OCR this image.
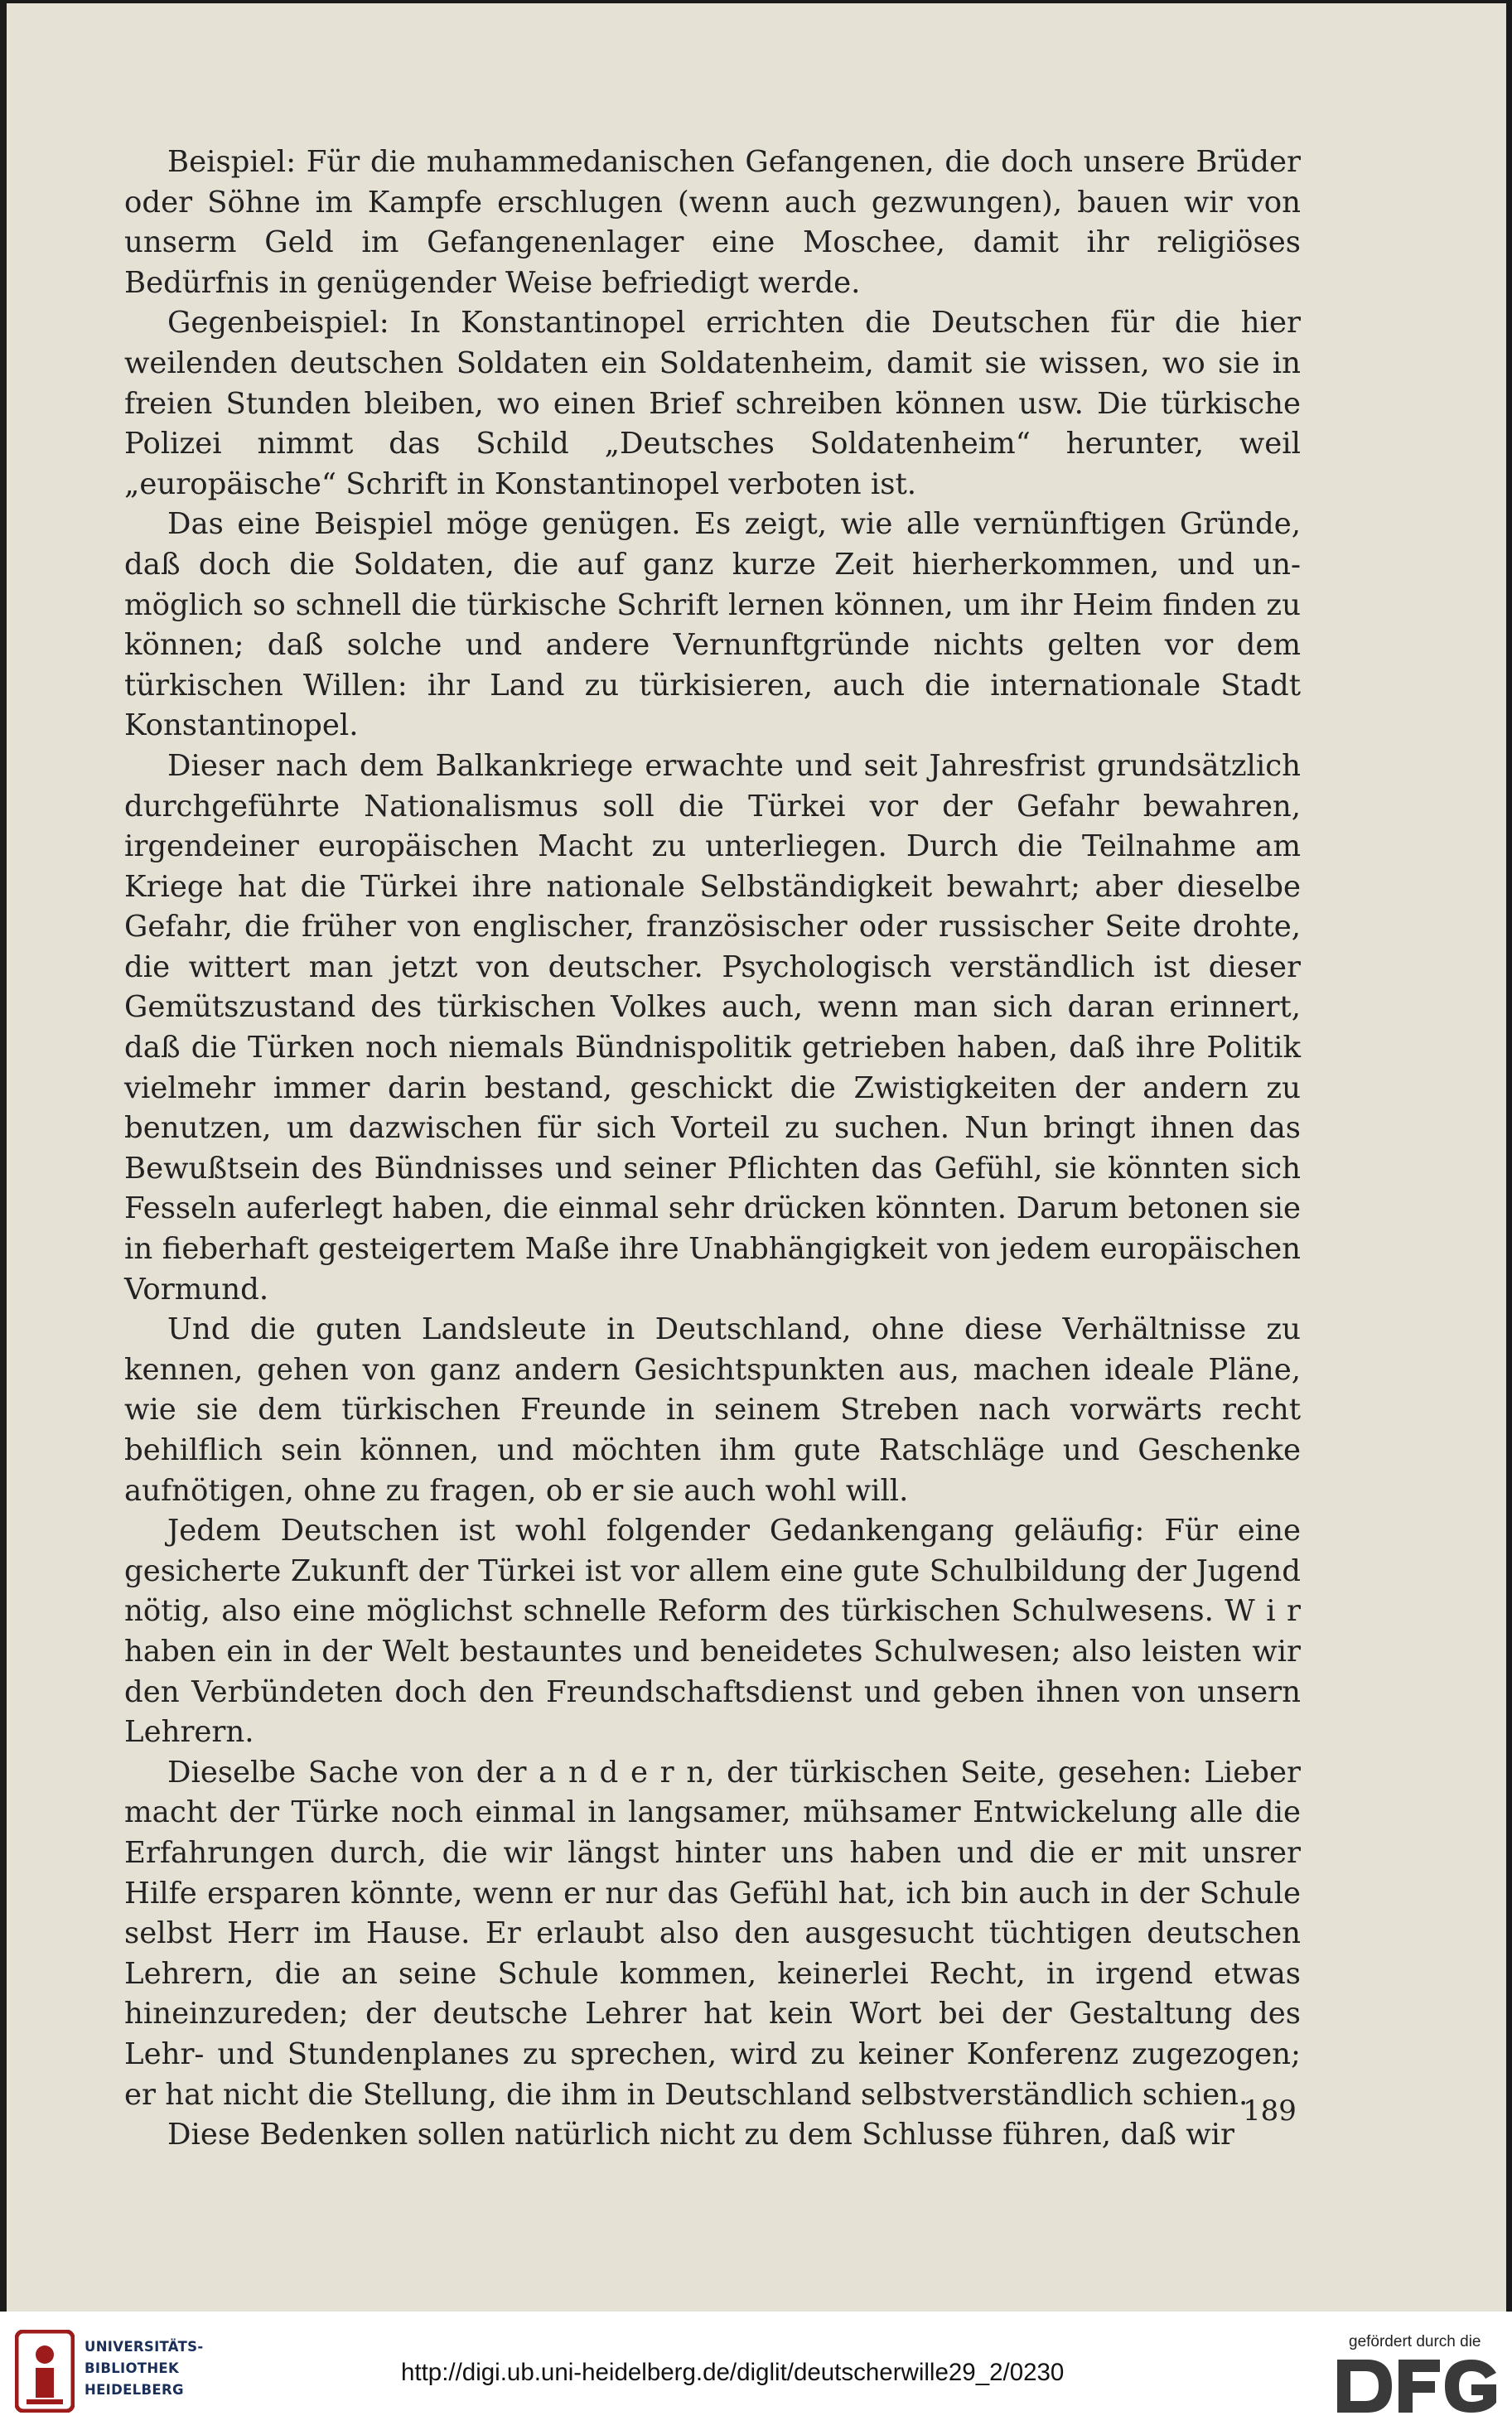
Beispiel: Für die muhammedanischen Gefangenen, die doch unsere Brüder oder Söhne im Kampfe erschlugen (wenn auch gezwungen), bauen wir von unserm Geld im Gefangenenlager eine Moschee, damit ihr religiöses Bedürfnis in genügender Weise befriedigt werde.

Gegenbeispiel: In Konstantinopel errichten die Deutschen für die hier weilenden deutschen Soldaten ein Soldatenheim, damit sie wissen, wo sie in freien Stunden bleiben, wo einen Brief schreiben können usw. Die türkische Polizei nimmt das Schild „Deutsches Soldatenheim“ herunter, weil „europäische“ Schrift in Konstantinopel verboten ist.

Das eine Beispiel möge genügen. Es zeigt, wie alle vernünftigen Gründe, daß doch die Soldaten, die auf ganz kurze Zeit hierherkommen, und unmöglich so schnell die türkische Schrift lernen können, um ihr Heim finden zu können; daß solche und andere Vernunftgründe nichts gelten vor dem türkischen Willen: ihr Land zu türkisieren, auch die internationale Stadt Konstantinopel.

Dieser nach dem Balkankriege erwachte und seit Jahresfrist grundsätzlich durchgeführte Nationalismus soll die Türkei vor der Gefahr bewahren, irgendeiner europäischen Macht zu unterliegen. Durch die Teilnahme am Kriege hat die Türkei ihre nationale Selbständigkeit bewahrt; aber dieselbe Gefahr, die früher von englischer, französischer oder russischer Seite drohte, die wittert man jetzt von deutscher. Psychologisch verständlich ist dieser Gemütszustand des türkischen Volkes auch, wenn man sich daran erinnert, daß die Türken noch niemals Bündnispolitik getrieben haben, daß ihre Politik vielmehr immer darin bestand, geschickt die Zwistigkeiten der andern zu benutzen, um dazwischen für sich Vorteil zu suchen. Nun bringt ihnen das Bewußtsein des Bündnisses und seiner Pflichten das Gefühl, sie könnten sich Fesseln auferlegt haben, die einmal sehr drücken könnten. Darum betonen sie in fieberhaft gesteigertem Maße ihre Unabhängigkeit von jedem europäischen Vormund.

Und die guten Landsleute in Deutschland, ohne diese Verhältnisse zu kennen, gehen von ganz andern Gesichtspunkten aus, machen ideale Pläne, wie sie dem türkischen Freunde in seinem Streben nach vorwärts recht behilflich sein können, und möchten ihm gute Ratschläge und Geschenke aufnötigen, ohne zu fragen, ob er sie auch wohl will.

Jedem Deutschen ist wohl folgender Gedankengang geläufig: Für eine gesicherte Zukunft der Türkei ist vor allem eine gute Schulbildung der Jugend nötig, also eine möglichst schnelle Reform des türkischen Schulwesens. W i r haben ein in der Welt bestauntes und beneidetes Schulwesen; also leisten wir den Verbündeten doch den Freundschaftsdienst und geben ihnen von unsern Lehrern.

Dieselbe Sache von der a n d e r n, der türkischen Seite, gesehen: Lieber macht der Türke noch einmal in langsamer, mühsamer Entwickelung alle die Erfahrungen durch, die wir längst hinter uns haben und die er mit unsrer Hilfe ersparen könnte, wenn er nur das Gefühl hat, ich bin auch in der Schule selbst Herr im Hause. Er erlaubt also den ausgesucht tüchtigen deutschen Lehrern, die an seine Schule kommen, keinerlei Recht, in irgend etwas hineinzureden; der deutsche Lehrer hat kein Wort bei der Gestaltung des Lehr- und Stundenplanes zu sprechen, wird zu keiner Konferenz zugezogen; er hat nicht die Stellung, die ihm in Deutschland selbstverständlich schien.

Diese Bedenken sollen natürlich nicht zu dem Schlusse führen, daß wir

189
UNIVERSITÄTS-
BIBLIOTHEK
HEIDELBERG
http://digi.ub.uni-heidelberg.de/diglit/deutscherwille29_2/0230
gefördert durch die
